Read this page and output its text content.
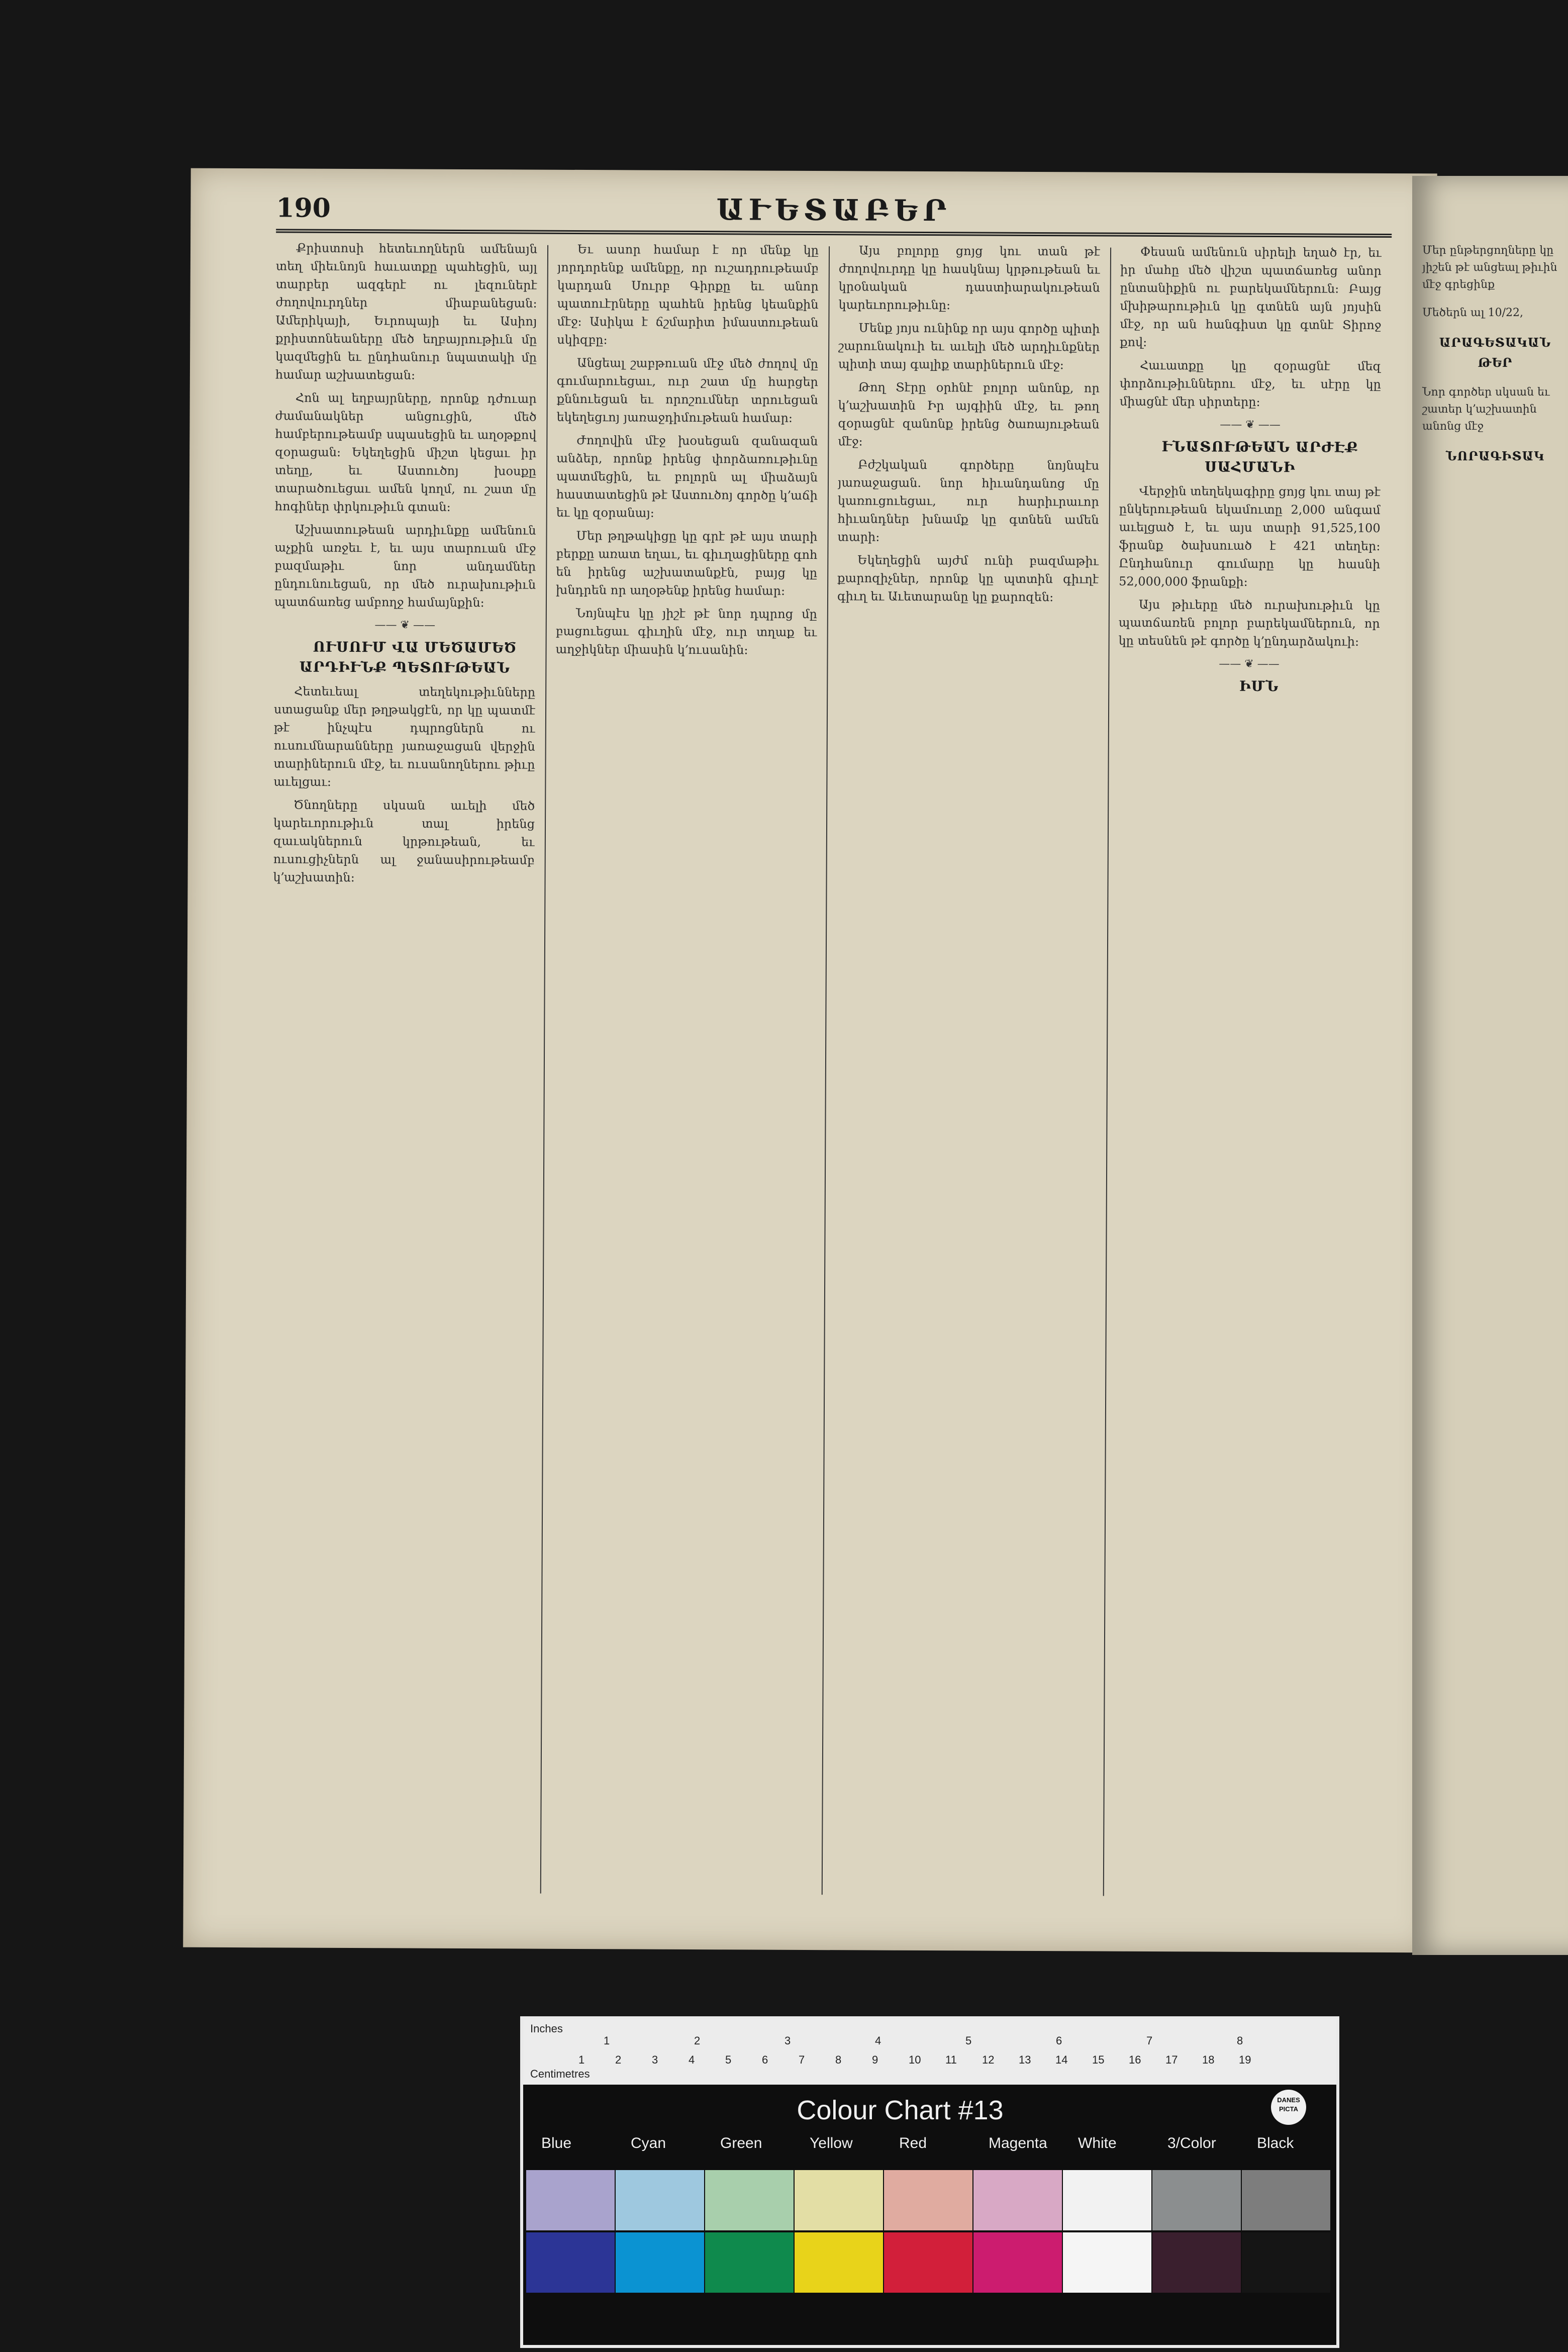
190	ԱՒԵՏԱԲԵՐ

Քրիստոսի հետեւողներն ամենայն տեղ միեւնոյն հաւատքը պահեցին, այլ տարբեր ազգերէ ու լեզուներէ ժողովուրդներ միաբանեցան: Ամերիկայի, Եւրոպայի եւ Ասիոյ քրիստոնեաները մեծ եղբայրութիւն մը կազմեցին եւ ընդհանուր նպատակի մը համար աշխատեցան:

Հոն ալ եղբայրները, որոնք դժուար ժամանակներ անցուցին, մեծ համբերութեամբ սպասեցին եւ աղօթքով զօրացան: Եկեղեցին միշտ կեցաւ իր տեղը, եւ Աստուծոյ խօսքը տարածուեցաւ ամեն կողմ, ու շատ մը հոգիներ փրկութիւն գտան:

Աշխատութեան արդիւնքը ամենուն աչքին առջեւ է, եւ այս տարուան մէջ բազմաթիւ նոր անդամներ ընդունուեցան, որ մեծ ուրախութիւն պատճառեց ամբողջ համայնքին:

—— ❦ ——

ՈՒՍՈՒՄ ՎԱ ՄԵԾԱՄԵԾ ԱՐԴԻՒՆՔ ՊԵՏՈՒԹԵԱՆ

Հետեւեալ տեղեկութիւնները ստացանք մեր թղթակցէն, որ կը պատմէ թէ ինչպէս դպրոցներն ու ուսումնարանները յառաջացան վերջին տարիներուն մէջ, եւ ուսանողներու թիւը աւելցաւ:

Ծնողները սկսան աւելի մեծ կարեւորութիւն տալ իրենց զաւակներուն կրթութեան, եւ ուսուցիչներն ալ ջանասիրութեամբ կ՚աշխատին:

Եւ ասոր համար է որ մենք կը յորդորենք ամենքը, որ ուշադրութեամբ կարդան Սուրբ Գիրքը եւ անոր պատուէրները պահեն իրենց կեանքին մէջ: Ասիկա է ճշմարիտ իմաստութեան սկիզբը:

Անցեալ շաբթուան մէջ մեծ ժողով մը գումարուեցաւ, ուր շատ մը հարցեր քննուեցան եւ որոշումներ տրուեցան եկեղեցւոյ յառաջդիմութեան համար:

Ժողովին մէջ խօսեցան զանազան անձեր, որոնք իրենց փորձառութիւնը պատմեցին, եւ բոլորն ալ միաձայն հաստատեցին թէ Աստուծոյ գործը կ՚աճի եւ կը զօրանայ:

Մեր թղթակիցը կը գրէ թէ այս տարի բերքը առատ եղաւ, եւ գիւղացիները գոհ են իրենց աշխատանքէն, բայց կը խնդրեն որ աղօթենք իրենց համար:

Նոյնպէս կը յիշէ թէ նոր դպրոց մը բացուեցաւ գիւղին մէջ, ուր տղաք եւ աղջիկներ միասին կ՚ուսանին:

Այս բոլորը ցոյց կու տան թէ ժողովուրդը կը հասկնայ կրթութեան եւ կրօնական դաստիարակութեան կարեւորութիւնը:

Մենք յոյս ունինք որ այս գործը պիտի շարունակուի եւ աւելի մեծ արդիւնքներ պիտի տայ գալիք տարիներուն մէջ:

Թող Տէրը օրհնէ բոլոր անոնք, որ կ՚աշխատին Իր այգիին մէջ, եւ թող զօրացնէ զանոնք իրենց ծառայութեան մէջ:

Բժշկական գործերը նոյնպէս յառաջացան. նոր հիւանդանոց մը կառուցուեցաւ, ուր հարիւրաւոր հիւանդներ խնամք կը գտնեն ամեն տարի:

Եկեղեցին այժմ ունի բազմաթիւ քարոզիչներ, որոնք կը պտտին գիւղէ գիւղ եւ Աւետարանը կը քարոզեն:

Փեսան ամենուն սիրելի եղած էր, եւ իր մահը մեծ վիշտ պատճառեց անոր ընտանիքին ու բարեկամներուն: Բայց մխիթարութիւն կը գտնեն այն յոյսին մէջ, որ ան հանգիստ կը գտնէ Տիրոջ քով:

Հաւատքը կը զօրացնէ մեզ փորձութիւններու մէջ, եւ սէրը կը միացնէ մեր սիրտերը:

—— ❦ ——

ՒՆԱՏՈՒԹԵԱՆ ԱՐԺԷՔ ՍԱՀՄԱՆԻ

Վերջին տեղեկագիրը ցոյց կու տայ թէ ընկերութեան եկամուտը 2,000 անգամ աւելցած է, եւ այս տարի 91,525,100 ֆրանք ծախսուած է 421 տեղեր: Ընդհանուր գումարը կը հասնի 52,000,000 ֆրանքի:

Այս թիւերը մեծ ուրախութիւն կը պատճառեն բոլոր բարեկամներուն, որ կը տեսնեն թէ գործը կ՚ընդարձակուի:

—— ❦ ——

ԻՄՆ

Մեր ընթերցողները կը յիշեն թէ անցեալ թիւին մէջ գրեցինք

Մեծերն ալ 10/22,

ԱՐԱԳԵՏԱԿԱՆ ԹԵՐ

Նոր գործեր սկսան եւ շատեր կ՚աշխատին անոնց մէջ

ՆՈՐԱԳԻՏԱԿ

Inches
Centimetres
1	2	3	4	5	6	7	8
1	2	3	4	5	6	7	8	9	10 11 12 13 14 15 16 17 18 19
Colour Chart #13	DANES PICTA
Blue	Cyan	Green	Yellow	Red	Magenta White	3/Color	Black
